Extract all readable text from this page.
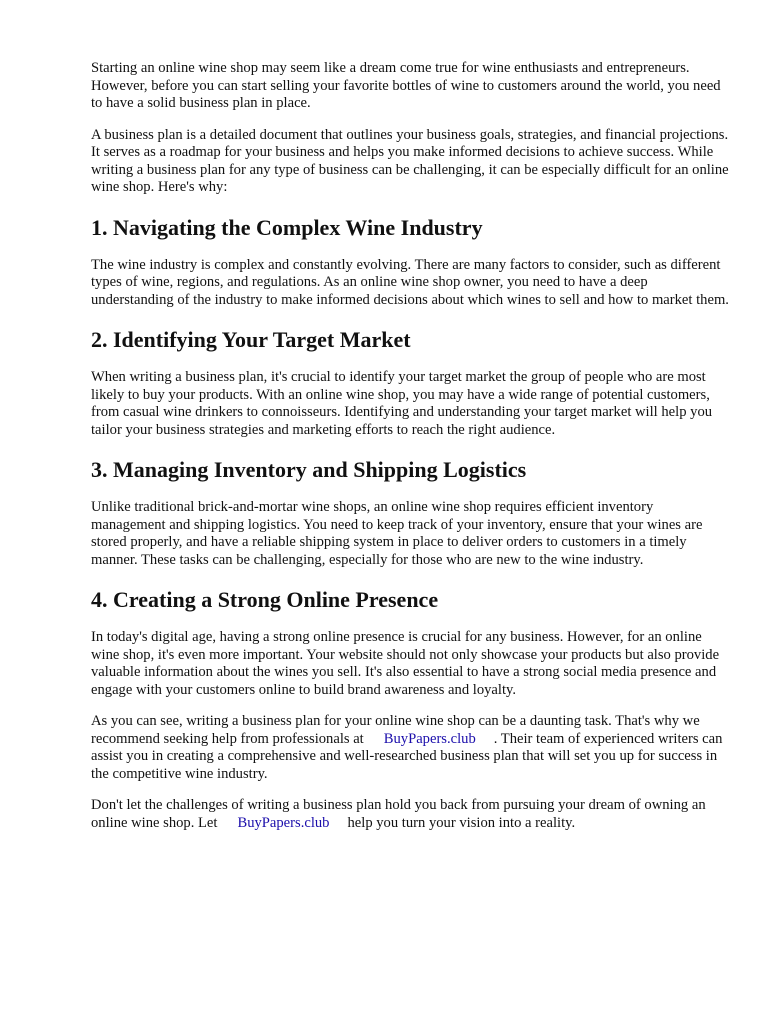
Starting an online wine shop may seem like a dream come true for wine enthusiasts and entrepreneurs. However, before you can start selling your favorite bottles of wine to customers around the world, you need to have a solid business plan in place.

A business plan is a detailed document that outlines your business goals, strategies, and financial projections. It serves as a roadmap for your business and helps you make informed decisions to achieve success. While writing a business plan for any type of business can be challenging, it can be especially difficult for an online wine shop. Here's why:

1. Navigating the Complex Wine Industry

The wine industry is complex and constantly evolving. There are many factors to consider, such as different types of wine, regions, and regulations. As an online wine shop owner, you need to have a deep understanding of the industry to make informed decisions about which wines to sell and how to market them.

2. Identifying Your Target Market

When writing a business plan, it's crucial to identify your target market the group of people who are most likely to buy your products. With an online wine shop, you may have a wide range of potential customers, from casual wine drinkers to connoisseurs. Identifying and understanding your target market will help you tailor your business strategies and marketing efforts to reach the right audience.

3. Managing Inventory and Shipping Logistics

Unlike traditional brick-and-mortar wine shops, an online wine shop requires efficient inventory management and shipping logistics. You need to keep track of your inventory, ensure that your wines are stored properly, and have a reliable shipping system in place to deliver orders to customers in a timely manner. These tasks can be challenging, especially for those who are new to the wine industry.

4. Creating a Strong Online Presence

In today's digital age, having a strong online presence is crucial for any business. However, for an online wine shop, it's even more important. Your website should not only showcase your products but also provide valuable information about the wines you sell. It's also essential to have a strong social media presence and engage with your customers online to build brand awareness and loyalty.

As you can see, writing a business plan for your online wine shop can be a daunting task. That's why we recommend seeking help from professionals at BuyPapers.club . Their team of experienced writers can assist you in creating a comprehensive and well-researched business plan that will set you up for success in the competitive wine industry.

Don't let the challenges of writing a business plan hold you back from pursuing your dream of owning an online wine shop. Let BuyPapers.club help you turn your vision into a reality.
